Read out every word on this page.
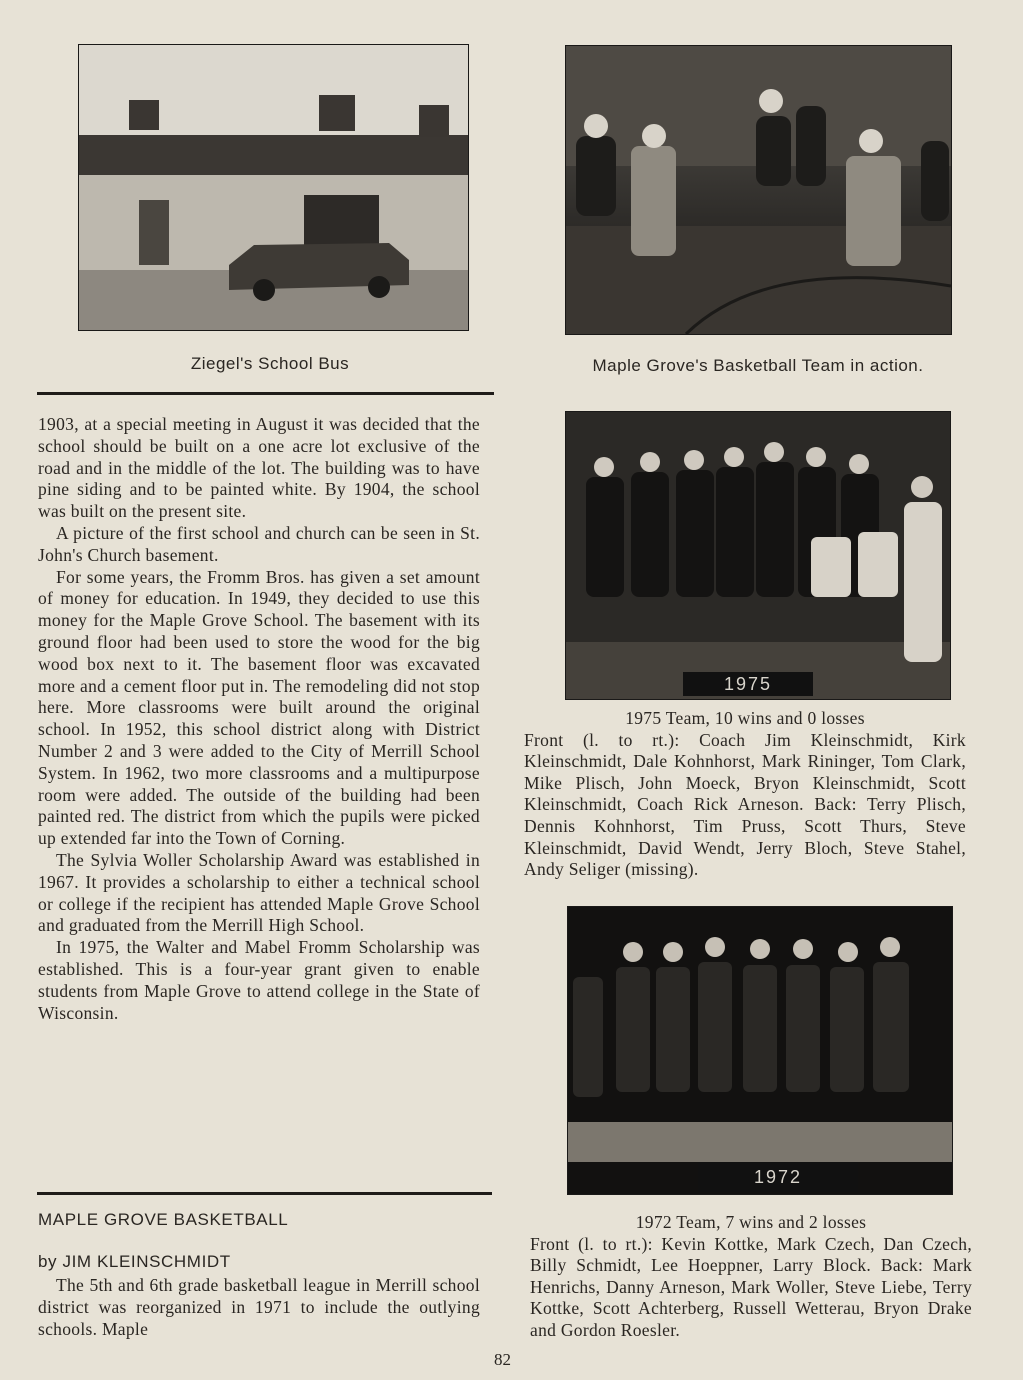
Ziegel's School Bus	Maple Grove's Basketball Team in action.

1903, at a special meeting in August it was decided that the school should be built on a one acre lot exclusive of the road and in the middle of the lot. The building was to have pine siding and to be painted white. By 1904, the school was built on the present site.

A picture of the first school and church can be seen in St. John's Church basement.

For some years, the Fromm Bros. has given a set amount of money for education. In 1949, they decided to use this money for the Maple Grove School. The basement with its ground floor had been used to store the wood for the big wood box next to it. The basement floor was excavated more and a cement floor put in. The remodeling did not stop here. More classrooms were built around the original school. In 1952, this school district along with District Number 2 and 3 were added to the City of Merrill School System. In 1962, two more classrooms and a multipurpose room were added. The outside of the building had been painted red. The district from which the pupils were picked up extended far into the Town of Corning.

The Sylvia Woller Scholarship Award was established in 1967. It provides a scholarship to either a technical school or college if the recipient has attended Maple Grove School and graduated from the Merrill High School.

In 1975, the Walter and Mabel Fromm Scholarship was established. This is a four-year grant given to enable students from Maple Grove to attend college in the State of Wisconsin.

MAPLE GROVE BASKETBALL
by JIM KLEINSCHMIDT

The 5th and 6th grade basketball league in Merrill school district was reorganized in 1971 to include the outlying schools. Maple

1975
1975 Team, 10 wins and 0 losses
Front (l. to rt.): Coach Jim Kleinschmidt, Kirk Kleinschmidt, Dale Kohnhorst, Mark Rininger, Tom Clark, Mike Plisch, John Moeck, Bryon Kleinschmidt, Scott Kleinschmidt, Coach Rick Arneson. Back: Terry Plisch, Dennis Kohnhorst, Tim Pruss, Scott Thurs, Steve Kleinschmidt, David Wendt, Jerry Bloch, Steve Stahel, Andy Seliger (missing).
1972
1972 Team, 7 wins and 2 losses
Front (l. to rt.): Kevin Kottke, Mark Czech, Dan Czech, Billy Schmidt, Lee Hoeppner, Larry Block. Back: Mark Henrichs, Danny Arneson, Mark Woller, Steve Liebe, Terry Kottke, Scott Achterberg, Russell Wetterau, Bryon Drake and Gordon Roesler.
82
